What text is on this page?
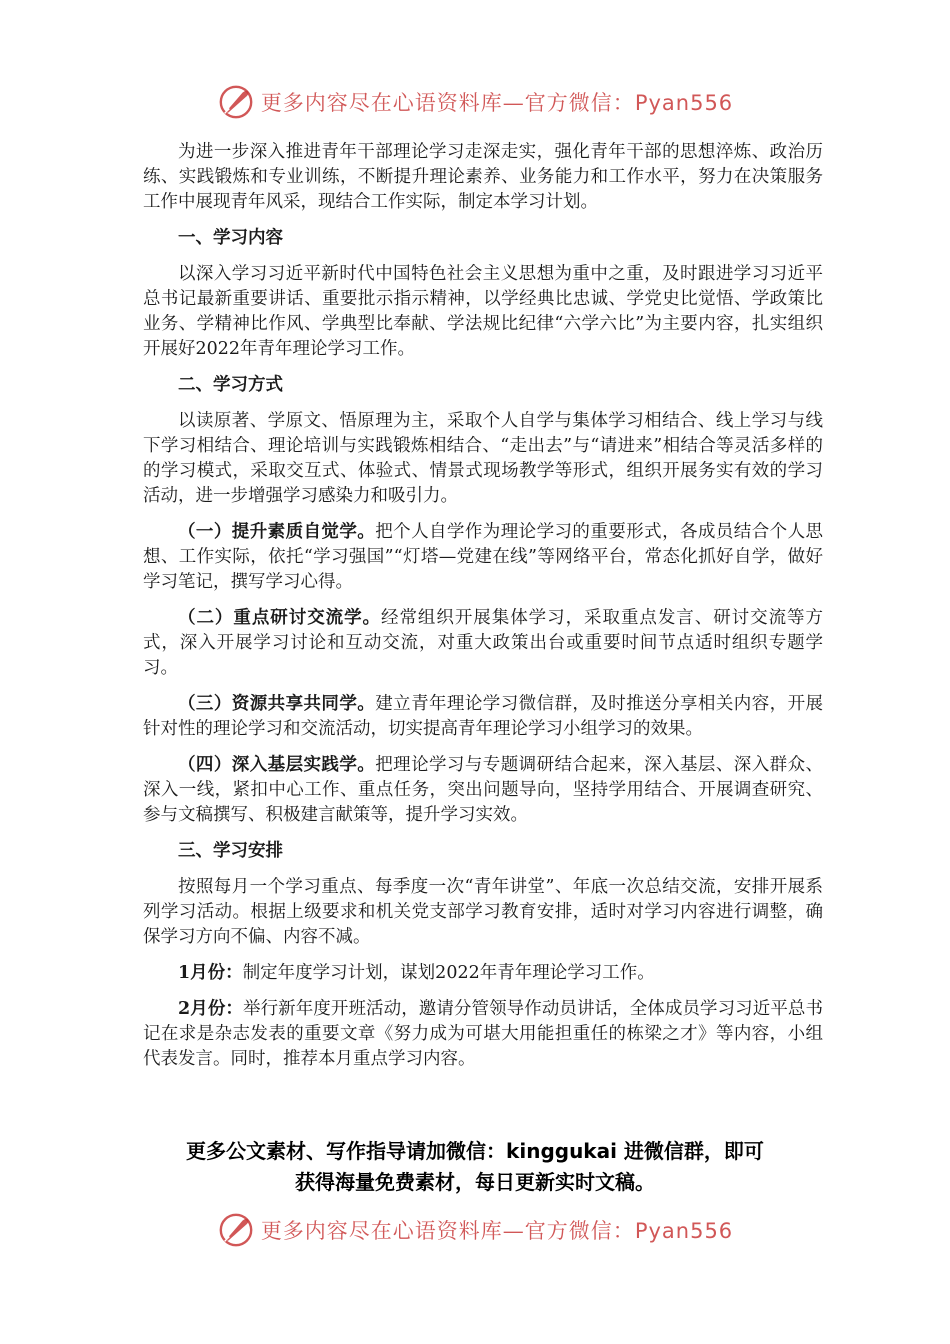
更多内容尽在心语资料库—官方微信：Pyan556

为进一步深入推进青年干部理论学习走深走实，强化青年干部的思想淬炼、政治历练、实践锻炼和专业训练，不断提升理论素养、业务能力和工作水平，努力在决策服务工作中展现青年风采，现结合工作实际，制定本学习计划。

一、学习内容

以深入学习习近平新时代中国特色社会主义思想为重中之重，及时跟进学习习近平总书记最新重要讲话、重要批示指示精神，以学经典比忠诚、学党史比觉悟、学政策比业务、学精神比作风、学典型比奉献、学法规比纪律“六学六比”为主要内容，扎实组织开展好2022年青年理论学习工作。

二、学习方式

以读原著、学原文、悟原理为主，采取个人自学与集体学习相结合、线上学习与线下学习相结合、理论培训与实践锻炼相结合、“走出去”与“请进来”相结合等灵活多样的的学习模式，采取交互式、体验式、情景式现场教学等形式，组织开展务实有效的学习活动，进一步增强学习感染力和吸引力。

（一）提升素质自觉学。把个人自学作为理论学习的重要形式，各成员结合个人思想、工作实际，依托“学习强国”“灯塔—党建在线”等网络平台，常态化抓好自学，做好学习笔记，撰写学习心得。

（二）重点研讨交流学。经常组织开展集体学习，采取重点发言、研讨交流等方式，深入开展学习讨论和互动交流，对重大政策出台或重要时间节点适时组织专题学习。

（三）资源共享共同学。建立青年理论学习微信群，及时推送分享相关内容，开展针对性的理论学习和交流活动，切实提高青年理论学习小组学习的效果。

（四）深入基层实践学。把理论学习与专题调研结合起来，深入基层、深入群众、深入一线，紧扣中心工作、重点任务，突出问题导向，坚持学用结合、开展调查研究、参与文稿撰写、积极建言献策等，提升学习实效。

三、学习安排

按照每月一个学习重点、每季度一次“青年讲堂”、年底一次总结交流，安排开展系列学习活动。根据上级要求和机关党支部学习教育安排，适时对学习内容进行调整，确保学习方向不偏、内容不减。

1月份：制定年度学习计划，谋划2022年青年理论学习工作。

2月份：举行新年度开班活动，邀请分管领导作动员讲话，全体成员学习习近平总书记在求是杂志发表的重要文章《努力成为可堪大用能担重任的栋梁之才》等内容，小组代表发言。同时，推荐本月重点学习内容。

更多公文素材、写作指导请加微信：kinggukai 进微信群，即可
获得海量免费素材，每日更新实时文稿。
更多内容尽在心语资料库—官方微信：Pyan556
